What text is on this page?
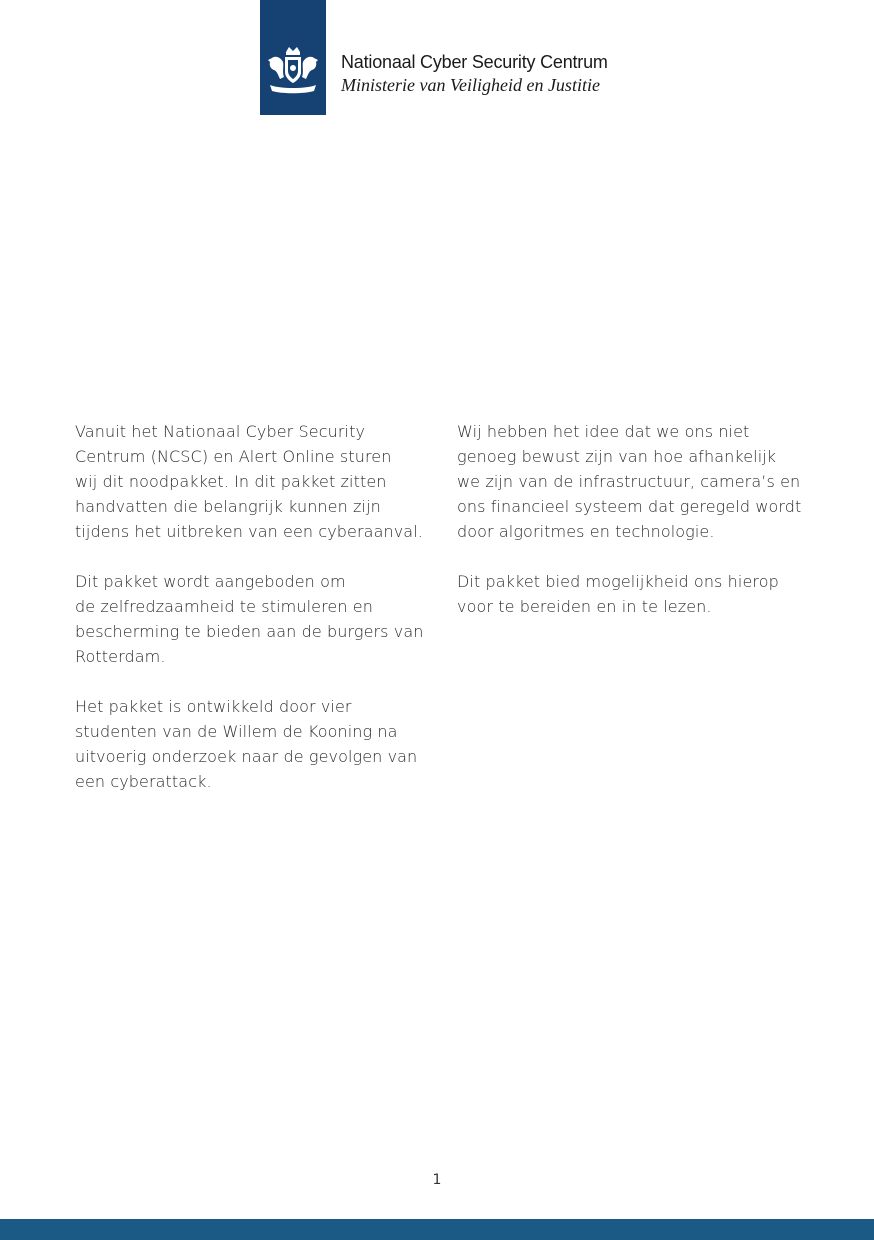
Nationaal Cyber Security Centrum
Ministerie van Veiligheid en Justitie

Vanuit het Nationaal Cyber Security
Centrum (NCSC) en Alert Online sturen
wij dit noodpakket. In dit pakket zitten
handvatten die belangrijk kunnen zijn
tijdens het uitbreken van een cyberaanval.

Dit pakket wordt aangeboden om
de zelfredzaamheid te stimuleren en
bescherming te bieden aan de burgers van
Rotterdam.

Het pakket is ontwikkeld door vier
studenten van de Willem de Kooning na
uitvoerig onderzoek naar de gevolgen van
een cyberattack.

Wij hebben het idee dat we ons niet
genoeg bewust zijn van hoe afhankelijk
we zijn van de infrastructuur, camera’s en
ons financieel systeem dat geregeld wordt
door algoritmes en technologie.

Dit pakket bied mogelijkheid ons hierop
voor te bereiden en in te lezen.

1
